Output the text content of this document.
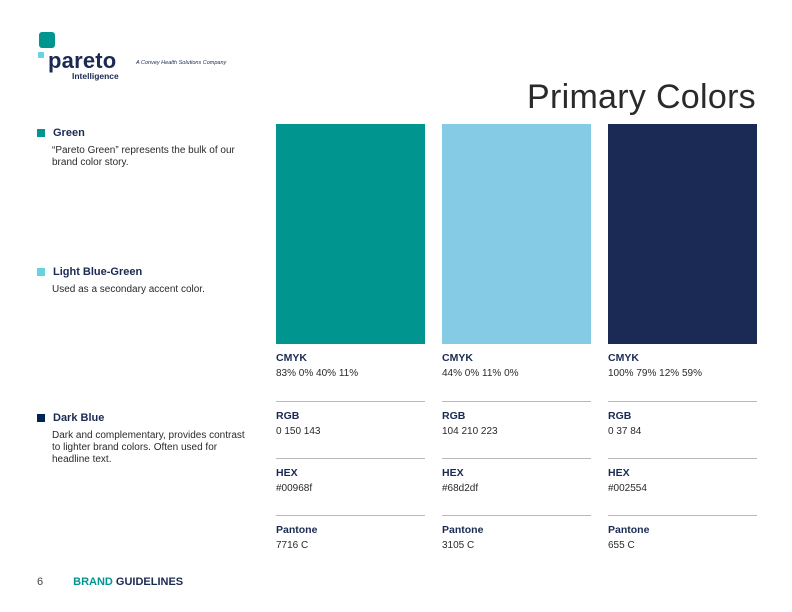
pareto
Intelligence
A Convey Health Solutions Company
Primary Colors
Green
“Pareto Green” represents the bulk of our brand color story.
Light Blue-Green
Used as a secondary accent color.
Dark Blue
Dark and complementary, provides contrast to lighter brand colors. Often used for headline text.
CMYK
83% 0% 40% 11%
RGB
0 150 143
HEX
#00968f
Pantone
7716 C
CMYK
44% 0% 11% 0%
RGB
104 210 223
HEX
#68d2df
Pantone
3105 C
CMYK
100% 79% 12% 59%
RGB
0 37 84
HEX
#002554
Pantone
655 C
6	BRAND GUIDELINES
